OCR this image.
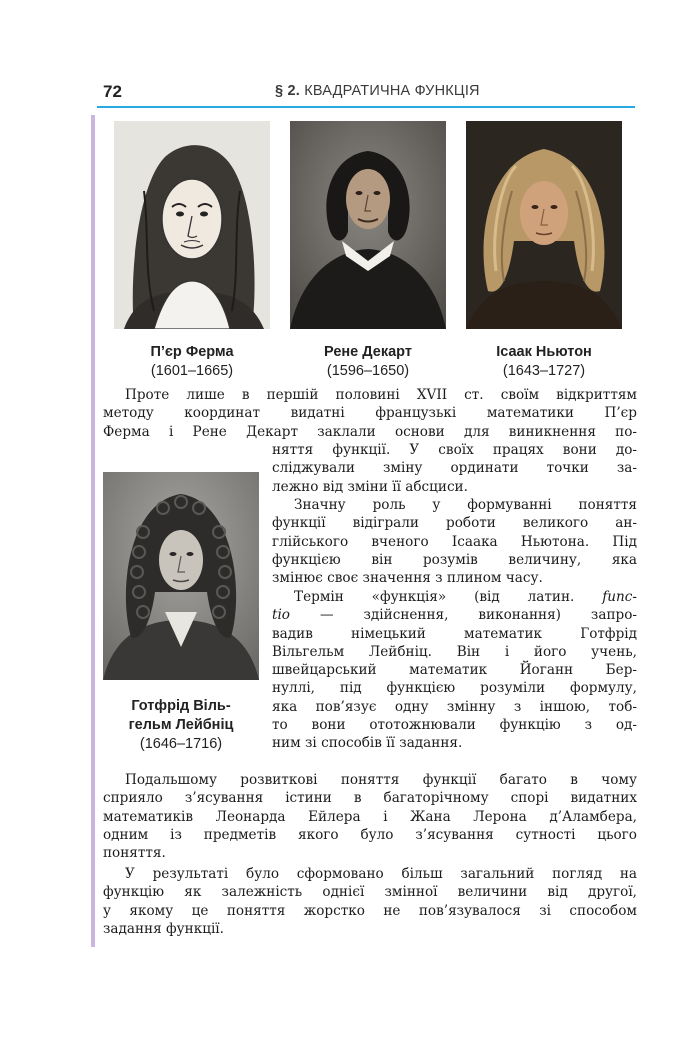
72	§ 2. КВАДРАТИЧНА ФУНКЦІЯ
П’єр Ферма
(1601–1665)
Рене Декарт
(1596–1650)
Ісаак Ньютон
(1643–1727)
Проте лише в першій половині XVII ст. своїм відкриттям
методу координат видатні французькі математики П’єр
Ферма і Рене Декарт заклали основи для виникнення по-
Готфрід Віль-
гельм Лейбніц
(1646–1716)
няття функції. У своїх працях вони до-
сліджували зміну ординати точки за-
лежно від зміни її абсциси.
Значну роль у формуванні поняття
функції відіграли роботи великого ан-
глійського вченого Ісаака Ньютона. Під
функцією він розумів величину, яка
змінює своє значення з плином часу.
Термін «функція» (від латин. func-
tio — здійснення, виконання) запро-
вадив німецький математик Готфрід
Вільгельм Лейбніц. Він і його учень,
швейцарський математик Йоганн Бер-
нуллі, під функцією розуміли формулу,
яка пов’язує одну змінну з іншою, тоб-
то вони ототожнювали функцію з од-
ним зі способів її задання.
Подальшому розвиткові поняття функції багато в чому
сприяло з’ясування істини в багаторічному спорі видатних
математиків Леонарда Ейлера і Жана Лерона д’Аламбера,
одним із предметів якого було з’ясування сутності цього
поняття.
У результаті було сформовано більш загальний погляд на
функцію як залежність однієї змінної величини від другої,
у якому це поняття жорстко не пов’язувалося зі способом
задання функції.
